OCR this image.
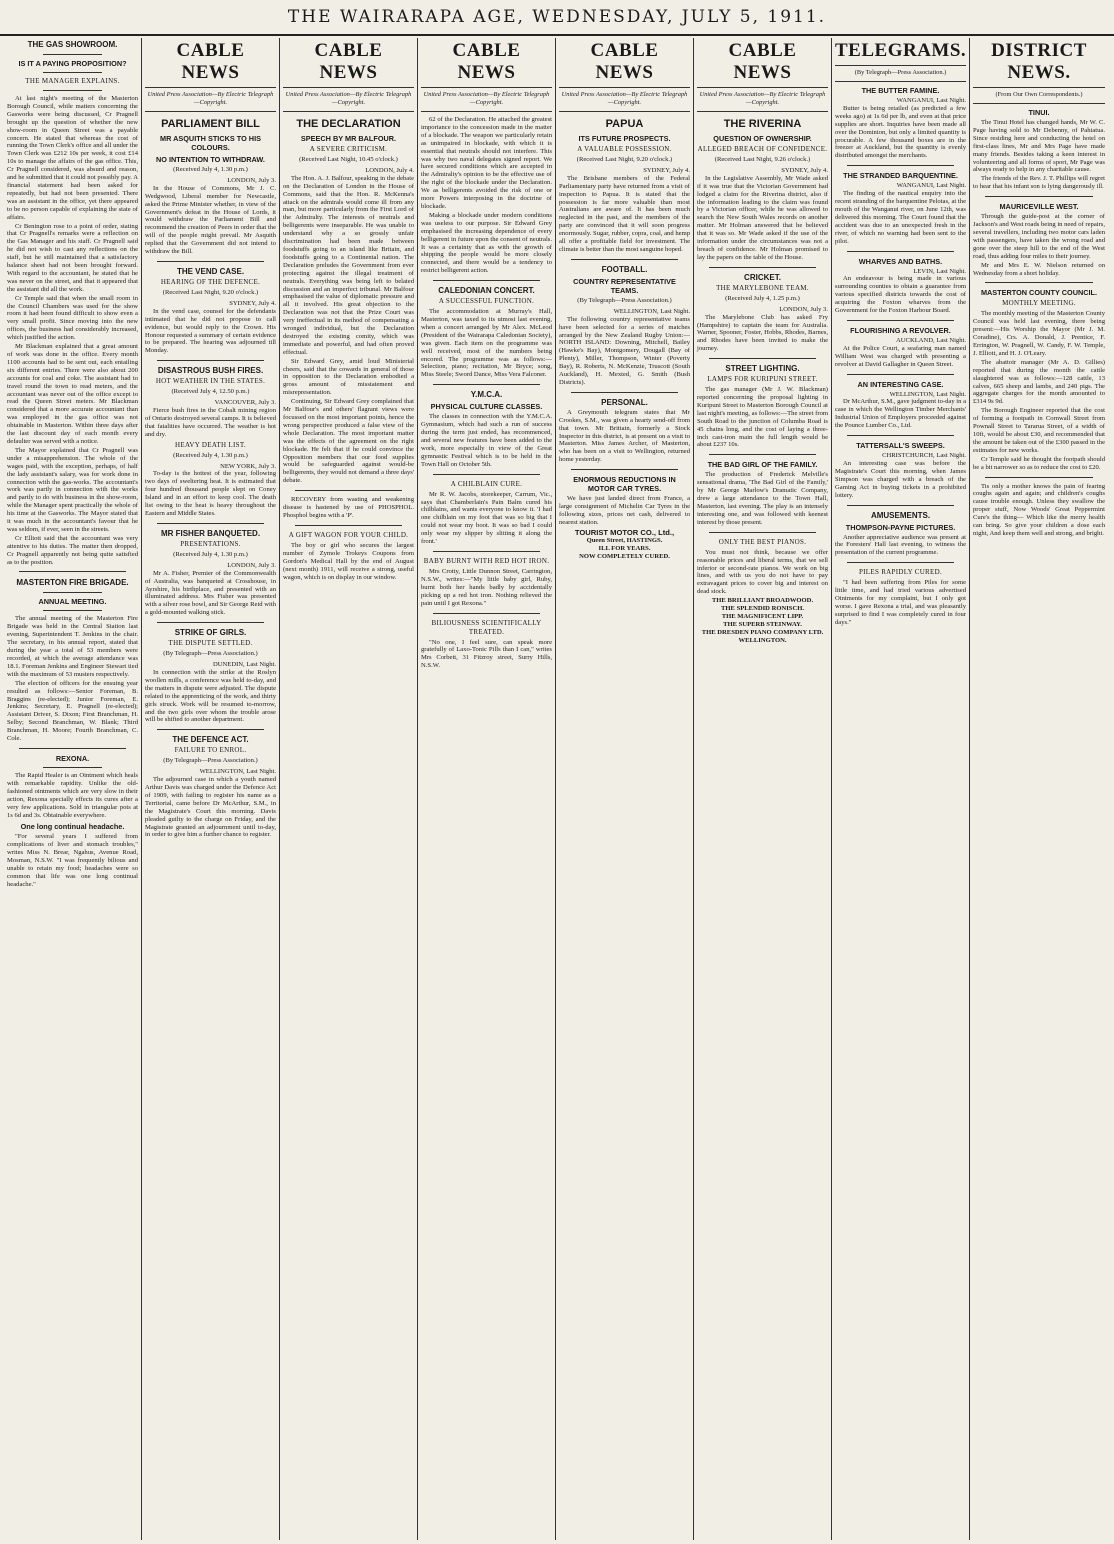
THE WAIRARAPA AGE, WEDNESDAY, JULY 5, 1911.
THE GAS SHOWROOM.
IS IT A PAYING PROPOSITION?
THE MANAGER EXPLAINS.

At last night's meeting of the Masterton Borough Council, while matters concerning the Gasworks were being discussed, Cr Pragnell brought up the question of whether the new show-room in Queen Street was a payable concern. He stated that whereas the cost of running the Town Clerk's office and all under the Town Clerk was £212 10s per week, it cost £14 10s to manage the affairs of the gas office. This, Cr Pragnell considered, was absurd and reason, and he submitted that it could not possibly pay. A financial statement had been asked for repeatedly, but had not been presented. There was an assistant in the office, yet there appeared to be no person capable of explaining the state of affairs.

Cr Benington rose to a point of order, stating that Cr Pragnell's remarks were a reflection on the Gas Manager and his staff. Cr Pragnell said he did not wish to cast any reflections on the staff, but he still maintained that a satisfactory balance sheet had not been brought forward. With regard to the accountant, he stated that he was never on the street, and that it appeared that the assistant did all the work.

Cr Temple said that when the small room in the Council Chambers was used for the show room it had been found difficult to show even a very small profit. Since moving into the new offices, the business had considerably increased, which justified the action.

Mr Blackman explained that a great amount of work was done in the office. Every month 1100 accounts had to be sent out, each entailing six different entries. There were also about 200 accounts for coal and coke. The assistant had to travel round the town to read meters, and the accountant was never out of the office except to read the Queen Street meters. Mr Blackman considered that a more accurate accountant than was employed in the gas office was not obtainable in Masterton. Within three days after the last discount day of each month every defaulter was served with a notice.

The Mayor explained that Cr Pragnell was under a misapprehension. The whole of the wages paid, with the exception, perhaps, of half the lady assistant's salary, was for work done in connection with the gas-works. The accountant's work was partly in connection with the works and partly to do with business in the show-room, while the Manager spent practically the whole of his time at the Gasworks. The Mayor stated that it was much in the accountant's favour that he was seldom, if ever, seen in the streets.

Cr Elliott said that the accountant was very attentive to his duties. The matter then dropped, Cr Pragnell apparently not being quite satisfied as to the position.

MASTERTON FIRE BRIGADE.
ANNUAL MEETING.

The annual meeting of the Masterton Fire Brigade was held in the Central Station last evening, Superintendent T. Jenkins in the chair. The secretary, in his annual report, stated that during the year a total of 53 members were recorded, at which the average attendance was 18.1. Foreman Jenkins and Engineer Stewart tied with the maximum of 53 musters respectively.

The election of officers for the ensuing year resulted as follows:—Senior Foreman, B. Braggins (re-elected); Junior Foreman, E. Jenkins; Secretary, E. Pragnell (re-elected); Assistant Driver, S. Dixon; First Branchman, H. Selby; Second Branchman, W. Blank; Third Branchman, H. Moore; Fourth Branchman, C. Cole.

REXONA.

The Rapid Healer is an Ointment which heals with remarkable rapidity. Unlike the old-fashioned ointments which are very slow in their action, Rexona specially effects its cures after a very few applications. Sold in triangular pots at 1s 6d and 3s. Obtainable everywhere.

One long continual headache.

"For several years I suffered from complications of liver and stomach troubles," writes Miss N. Brear, Ngahus, Avenue Road, Mosman, N.S.W. "I was frequently bilious and unable to retain my food; headaches were so common that life was one long continual headache."

CABLE NEWS
United Press Association—By Electric Telegraph—Copyright.
PARLIAMENT BILL
MR ASQUITH STICKS TO HIS COLOURS.
NO INTENTION TO WITHDRAW.
(Received July 4, 1.30 p.m.)
LONDON, July 3.

In the House of Commons, Mr J. C. Wedgwood, Liberal member for Newcastle, asked the Prime Minister whether, in view of the Government's defeat in the House of Lords, it would withdraw the Parliament Bill and recommend the creation of Peers in order that the will of the people might prevail. Mr Asquith replied that the Government did not intend to withdraw the Bill.

THE VEND CASE.
HEARING OF THE DEFENCE.
(Received Last Night, 9.20 o'clock.)
SYDNEY, July 4.

In the vend case, counsel for the defendants intimated that he did not propose to call evidence, but would reply to the Crown. His Honour requested a summary of certain evidence to be prepared. The hearing was adjourned till Monday.

DISASTROUS BUSH FIRES.
HOT WEATHER IN THE STATES.
(Received July 4, 12.50 p.m.)
VANCOUVER, July 3.

Fierce bush fires in the Cobalt mining region of Ontario destroyed several camps. It is believed that fatalities have occurred. The weather is hot and dry.

HEAVY DEATH LIST.
(Received July 4, 1.30 p.m.)
NEW YORK, July 3.

To-day is the hottest of the year, following two days of sweltering heat. It is estimated that four hundred thousand people slept on Coney Island and in an effort to keep cool. The death list owing to the heat is heavy throughout the Eastern and Middle States.

MR FISHER BANQUETED.
PRESENTATIONS.
(Received July 4, 1.30 p.m.)
LONDON, July 3.

Mr A. Fisher, Premier of the Commonwealth of Australia, was banqueted at Crosshouse, in Ayrshire, his birthplace, and presented with an illuminated address. Mrs Fisher was presented with a silver rose bowl, and Sir George Reid with a gold-mounted walking stick.

STRIKE OF GIRLS.
THE DISPUTE SETTLED.
(By Telegraph—Press Association.)
DUNEDIN, Last Night.

In connection with the strike at the Roslyn woollen mills, a conference was held to-day, and the matters in dispute were adjusted. The dispute related to the apprenticing of the work, and thirty girls struck. Work will be resumed to-morrow, and the two girls over whom the trouble arose will be shifted to another department.

THE DEFENCE ACT.
FAILURE TO ENROL.
(By Telegraph—Press Association.)
WELLINGTON, Last Night.

The adjourned case in which a youth named Arthur Davis was charged under the Defence Act of 1909, with failing to register his name as a Territorial, came before Dr McArthur, S.M., in the Magistrate's Court this morning. Davis pleaded guilty to the charge on Friday, and the Magistrate granted an adjournment until to-day, in order to give him a further chance to register.

CABLE NEWS
United Press Association—By Electric Telegraph—Copyright.
THE DECLARATION
SPEECH BY MR BALFOUR.
A SEVERE CRITICISM.
(Received Last Night, 10.45 o'clock.)
LONDON, July 4.

The Hon. A. J. Balfour, speaking in the debate on the Declaration of London in the House of Commons, said that the Hon. R. McKenna's attack on the admirals would come ill from any man, but more particularly from the First Lord of the Admiralty. The interests of neutrals and belligerents were inseparable. He was unable to understand why a so grossly unfair discrimination had been made between foodstuffs going to an island like Britain, and foodstuffs going to a Continental nation. The Declaration preludes the Government from ever protecting against the illegal treatment of neutrals. Everything was being left to belated discussion and an imperfect tribunal. Mr Balfour emphasised the value of diplomatic pressure and all it involved. His great objection to the Declaration was not that the Prize Court was very ineffectual in its method of compensating a wronged individual, but the Declaration destroyed the existing comity, which was immediate and powerful, and had often proved effectual.

Sir Edward Grey, amid loud Ministerial cheers, said that the cowards in general of those in opposition to the Declaration embodied a gross amount of misstatement and misrepresentation.

Continuing, Sir Edward Grey complained that Mr Balfour's and others' flagrant views were focussed on the most important points, hence the wrong perspective produced a false view of the whole Declaration. The most important matter was the effects of the agreement on the right blockade. He felt that if he could convince the Opposition members that our food supplies would be safeguarded against would-be belligerents, they would not demand a three days' debate.

RECOVERY from wasting and weakening disease is hastened by use of PHOSPHOL. Phosphol begins with a 'P'.

A GIFT WAGON FOR YOUR CHILD.

The boy or girl who secures the largest number of Zymole Trokeys Coupons from Gordon's Medical Hall by the end of August (next month) 1911, will receive a strong, useful wagon, which is on display in our window.

CABLE NEWS
United Press Association—By Electric Telegraph—Copyright.

62 of the Declaration. He attached the greatest importance to the concession made in the matter of a blockade. The weapon we particularly retain as unimpaired in blockade, with which it is essential that neutrals should not interfere. This was why two naval delegates signed report. We have secured conditions which are accepted in the Admiralty's opinion to be the effective use of the right of the blockade under the Declaration. We as belligerents avoided the risk of one or more Powers interposing in the doctrine of blockade.

Making a blockade under modern conditions was useless to our purpose. Sir Edward Grey emphasised the increasing dependence of every belligerent in future upon the consent of neutrals. It was a certainty that as with the growth of shipping the people would be more closely connected, and there would be a tendency to restrict belligerent action.

CALEDONIAN CONCERT.
A SUCCESSFUL FUNCTION.

The accommodation at Murray's Hall, Masterton, was taxed to its utmost last evening, when a concert arranged by Mr Alex. McLeod (President of the Wairarapa Caledonian Society), was given. Each item on the programme was well received, most of the numbers being encored. The programme was as follows:—Selection, piano; recitation, Mr Bryce; song, Miss Steele; Sword Dance, Miss Vera Falconer.

Y.M.C.A.
PHYSICAL CULTURE CLASSES.

The classes in connection with the Y.M.C.A. Gymnasium, which had such a run of success during the term just ended, has recommenced, and several new features have been added to the work, more especially in view of the Great gymnastic Festival which is to be held in the Town Hall on October 5th.

A CHILBLAIN CURE.

Mr R. W. Jacobs, storekeeper, Carrum, Vic., says that Chamberlain's Pain Balm cured his chilblains, and wants everyone to know it. 'I had one chilblain on my foot that was so big that I could not wear my boot. It was so bad I could only wear my slipper by slitting it along the front.'

BABY BURNT WITH RED HOT IRON.

Mrs Crotty, Little Dunnon Street, Carrington, N.S.W., writes:—"My little baby girl, Ruby, burnt both her hands badly by accidentally picking up a red hot iron. Nothing relieved the pain until I got Rexona."

BILIOUSNESS SCIENTIFICALLY TREATED.

"No one, I feel sure, can speak more gratefully of Laxo-Tonic Pills than I can," writes Mrs Corbett, 31 Fitzroy street, Surry Hills, N.S.W.

CABLE NEWS
United Press Association—By Electric Telegraph—Copyright.
PAPUA
ITS FUTURE PROSPECTS.
A VALUABLE POSSESSION.
(Received Last Night, 9.20 o'clock.)
SYDNEY, July 4.

The Brisbane members of the Federal Parliamentary party have returned from a visit of inspection to Papua. It is stated that the possession is far more valuable than most Australians are aware of. It has been much neglected in the past, and the members of the party are convinced that it will soon progress enormously. Sugar, rubber, copra, coal, and hemp all offer a profitable field for investment. The climate is better than the most sanguine hoped.

FOOTBALL.
COUNTRY REPRESENTATIVE TEAMS.
(By Telegraph—Press Association.)
WELLINGTON, Last Night.

The following country representative teams have been selected for a series of matches arranged by the New Zealand Rugby Union:— NORTH ISLAND: Downing, Mitchell, Bailey (Hawke's Bay), Montgomery, Dougall (Bay of Plenty), Miller, Thompson, Winter (Poverty Bay), R. Roberts, N. McKenzie, Truscott (South Auckland), H. Mexted, G. Smith (Bush Districts).

PERSONAL.

A Greymouth telegram states that Mr Crookes, S.M., was given a hearty send-off from that town. Mr Brittain, formerly a Stock Inspector in this district, is at present on a visit to Masterton. Miss James Archer, of Masterton, who has been on a visit to Wellington, returned home yesterday.

ENORMOUS REDUCTIONS IN MOTOR CAR TYRES.

We have just landed direct from France, a large consignment of Michelin Car Tyres in the following sizes, prices net cash, delivered to nearest station.

TOURIST MOTOR CO., Ltd.,
Queen Street, HASTINGS.
ILL FOR YEARS.
NOW COMPLETELY CURED.
CABLE NEWS
United Press Association—By Electric Telegraph—Copyright.
THE RIVERINA
QUESTION OF OWNERSHIP.
ALLEGED BREACH OF CONFIDENCE.
(Received Last Night, 9.26 o'clock.)
SYDNEY, July 4.

In the Legislative Assembly, Mr Wade asked if it was true that the Victorian Government had lodged a claim for the Riverina district, also if the information leading to the claim was found by a Victorian officer, while he was allowed to search the New South Wales records on another matter. Mr Holman answered that he believed that it was so. Mr Wade asked if the use of the information under the circumstances was not a breach of confidence. Mr Holman promised to lay the papers on the table of the House.

CRICKET.
THE MARYLEBONE TEAM.
(Received July 4, 1.25 p.m.)
LONDON, July 3.

The Marylebone Club has asked Fry (Hampshire) to captain the team for Australia. Warner, Spooner, Foster, Hobbs, Rhodes, Barnes, and Rhodes have been invited to make the journey.

STREET LIGHTING.
LAMPS FOR KURIPUNI STREET.

The gas manager (Mr J. W. Blackman) reported concerning the proposal lighting in Kuripuni Street to Masterton Borough Council at last night's meeting, as follows:—The street from South Road to the junction of Columba Road is 45 chains long, and the cost of laying a three-inch cast-iron main the full length would be about £237 10s.

THE BAD GIRL OF THE FAMILY.

The production of Frederick Melville's sensational drama, 'The Bad Girl of the Family,' by Mr George Marlow's Dramatic Company, drew a large attendance to the Town Hall, Masterton, last evening. The play is an intensely interesting one, and was followed with keenest interest by those present.

ONLY THE BEST PIANOS.

You must not think, because we offer reasonable prices and liberal terms, that we sell inferior or second-rate pianos. We work on big lines, and with us you do not have to pay extravagant prices to cover big and interest on dead stock.

THE BRILLIANT BROADWOOD.
THE SPLENDID RONISCH.
THE MAGNIFICENT LIPP.
THE SUPERB STEINWAY.
THE DRESDEN PIANO COMPANY LTD.
WELLINGTON.
TELEGRAMS.
(By Telegraph—Press Association.)
THE BUTTER FAMINE.
WANGANUI, Last Night.

Butter is being retailed (as predicted a few weeks ago) at 1s 6d per lb, and even at that price supplies are short. Inquiries have been made all over the Dominion, but only a limited quantity is procurable. A few thousand boxes are in the freezer at Auckland, but the quantity is evenly distributed amongst the merchants.

THE STRANDED BARQUENTINE.
WANGANUI, Last Night.

The finding of the nautical enquiry into the recent stranding of the barquentine Pelotas, at the mouth of the Wanganui river, on June 12th, was delivered this morning. The Court found that the accident was due to an unexpected fresh in the river, of which no warning had been sent to the pilot.

WHARVES AND BATHS.
LEVIN, Last Night.

An endeavour is being made in various surrounding counties to obtain a guarantee from various specified districts towards the cost of acquiring the Foxton wharves from the Government for the Foxton Harbour Board.

FLOURISHING A REVOLVER.
AUCKLAND, Last Night.

At the Police Court, a seafaring man named William West was charged with presenting a revolver at David Gallagher in Queen Street.

AN INTERESTING CASE.
WELLINGTON, Last Night.

Dr McArthur, S.M., gave judgment to-day in a case in which the Wellington Timber Merchants' Industrial Union of Employers proceeded against the Pounce Lumber Co., Ltd.

TATTERSALL'S SWEEPS.
CHRISTCHURCH, Last Night.

An interesting case was before the Magistrate's Court this morning, when James Simpson was charged with a breach of the Gaming Act in buying tickets in a prohibited lottery.

AMUSEMENTS.
THOMPSON-PAYNE PICTURES.

Another appreciative audience was present at the Foresters' Hall last evening, to witness the presentation of the current programme.

PILES RAPIDLY CURED.

"I had been suffering from Piles for some little time, and had tried various advertised Ointments for my complaint, but I only got worse. I gave Rexona a trial, and was pleasantly surprised to find I was completely cured in four days."

DISTRICT NEWS.
(From Our Own Correspondents.)
TINUI.

The Tinui Hotel has changed hands, Mr W. C. Page having sold to Mr Debenny, of Pahiatua. Since residing here and conducting the hotel on first-class lines, Mr and Mrs Page have made many friends. Besides taking a keen interest in volunteering and all forms of sport, Mr Page was always ready to help in any charitable cause.

The friends of the Rev. J. T. Phillips will regret to hear that his infant son is lying dangerously ill.

MAURICEVILLE WEST.

Through the guide-post at the corner of Jackson's and West roads being in need of repairs, several travellers, including two motor cars laden with passengers, have taken the wrong road and gone over the steep hill to the end of the West road, thus adding four miles to their journey.

Mr and Mrs E. W. Nielson returned on Wednesday from a short holiday.

MASTERTON COUNTY COUNCIL.
MONTHLY MEETING.

The monthly meeting of the Masterton County Council was held last evening, there being present:—His Worship the Mayor (Mr J. M. Coradine), Crs. A. Donald, J. Prentice, F. Errington, W. Pragnell, W. Candy, F. W. Temple, J. Elliott, and H. J. O'Leary.

The abattoir manager (Mr A. D. Gillies) reported that during the month the cattle slaughtered was as follows:—128 cattle, 13 calves, 665 sheep and lambs, and 240 pigs. The aggregate charges for the month amounted to £314 9s 9d.

The Borough Engineer reported that the cost of forming a footpath in Cornwall Street from Pownall Street to Tararua Street, of a width of 10ft, would be about £30, and recommended that the amount be taken out of the £300 passed in the estimates for new works.

Cr Temple said he thought the footpath should be a bit narrower so as to reduce the cost to £20.

Tis only a mother knows the pain of fearing coughs again and again; and children's coughs cause trouble enough. Unless they swallow the proper stuff, Now Woods' Great Peppermint Cure's the thing— Which like the merry health can bring. So give your children a dose each night, And keep them well and strong, and bright.
